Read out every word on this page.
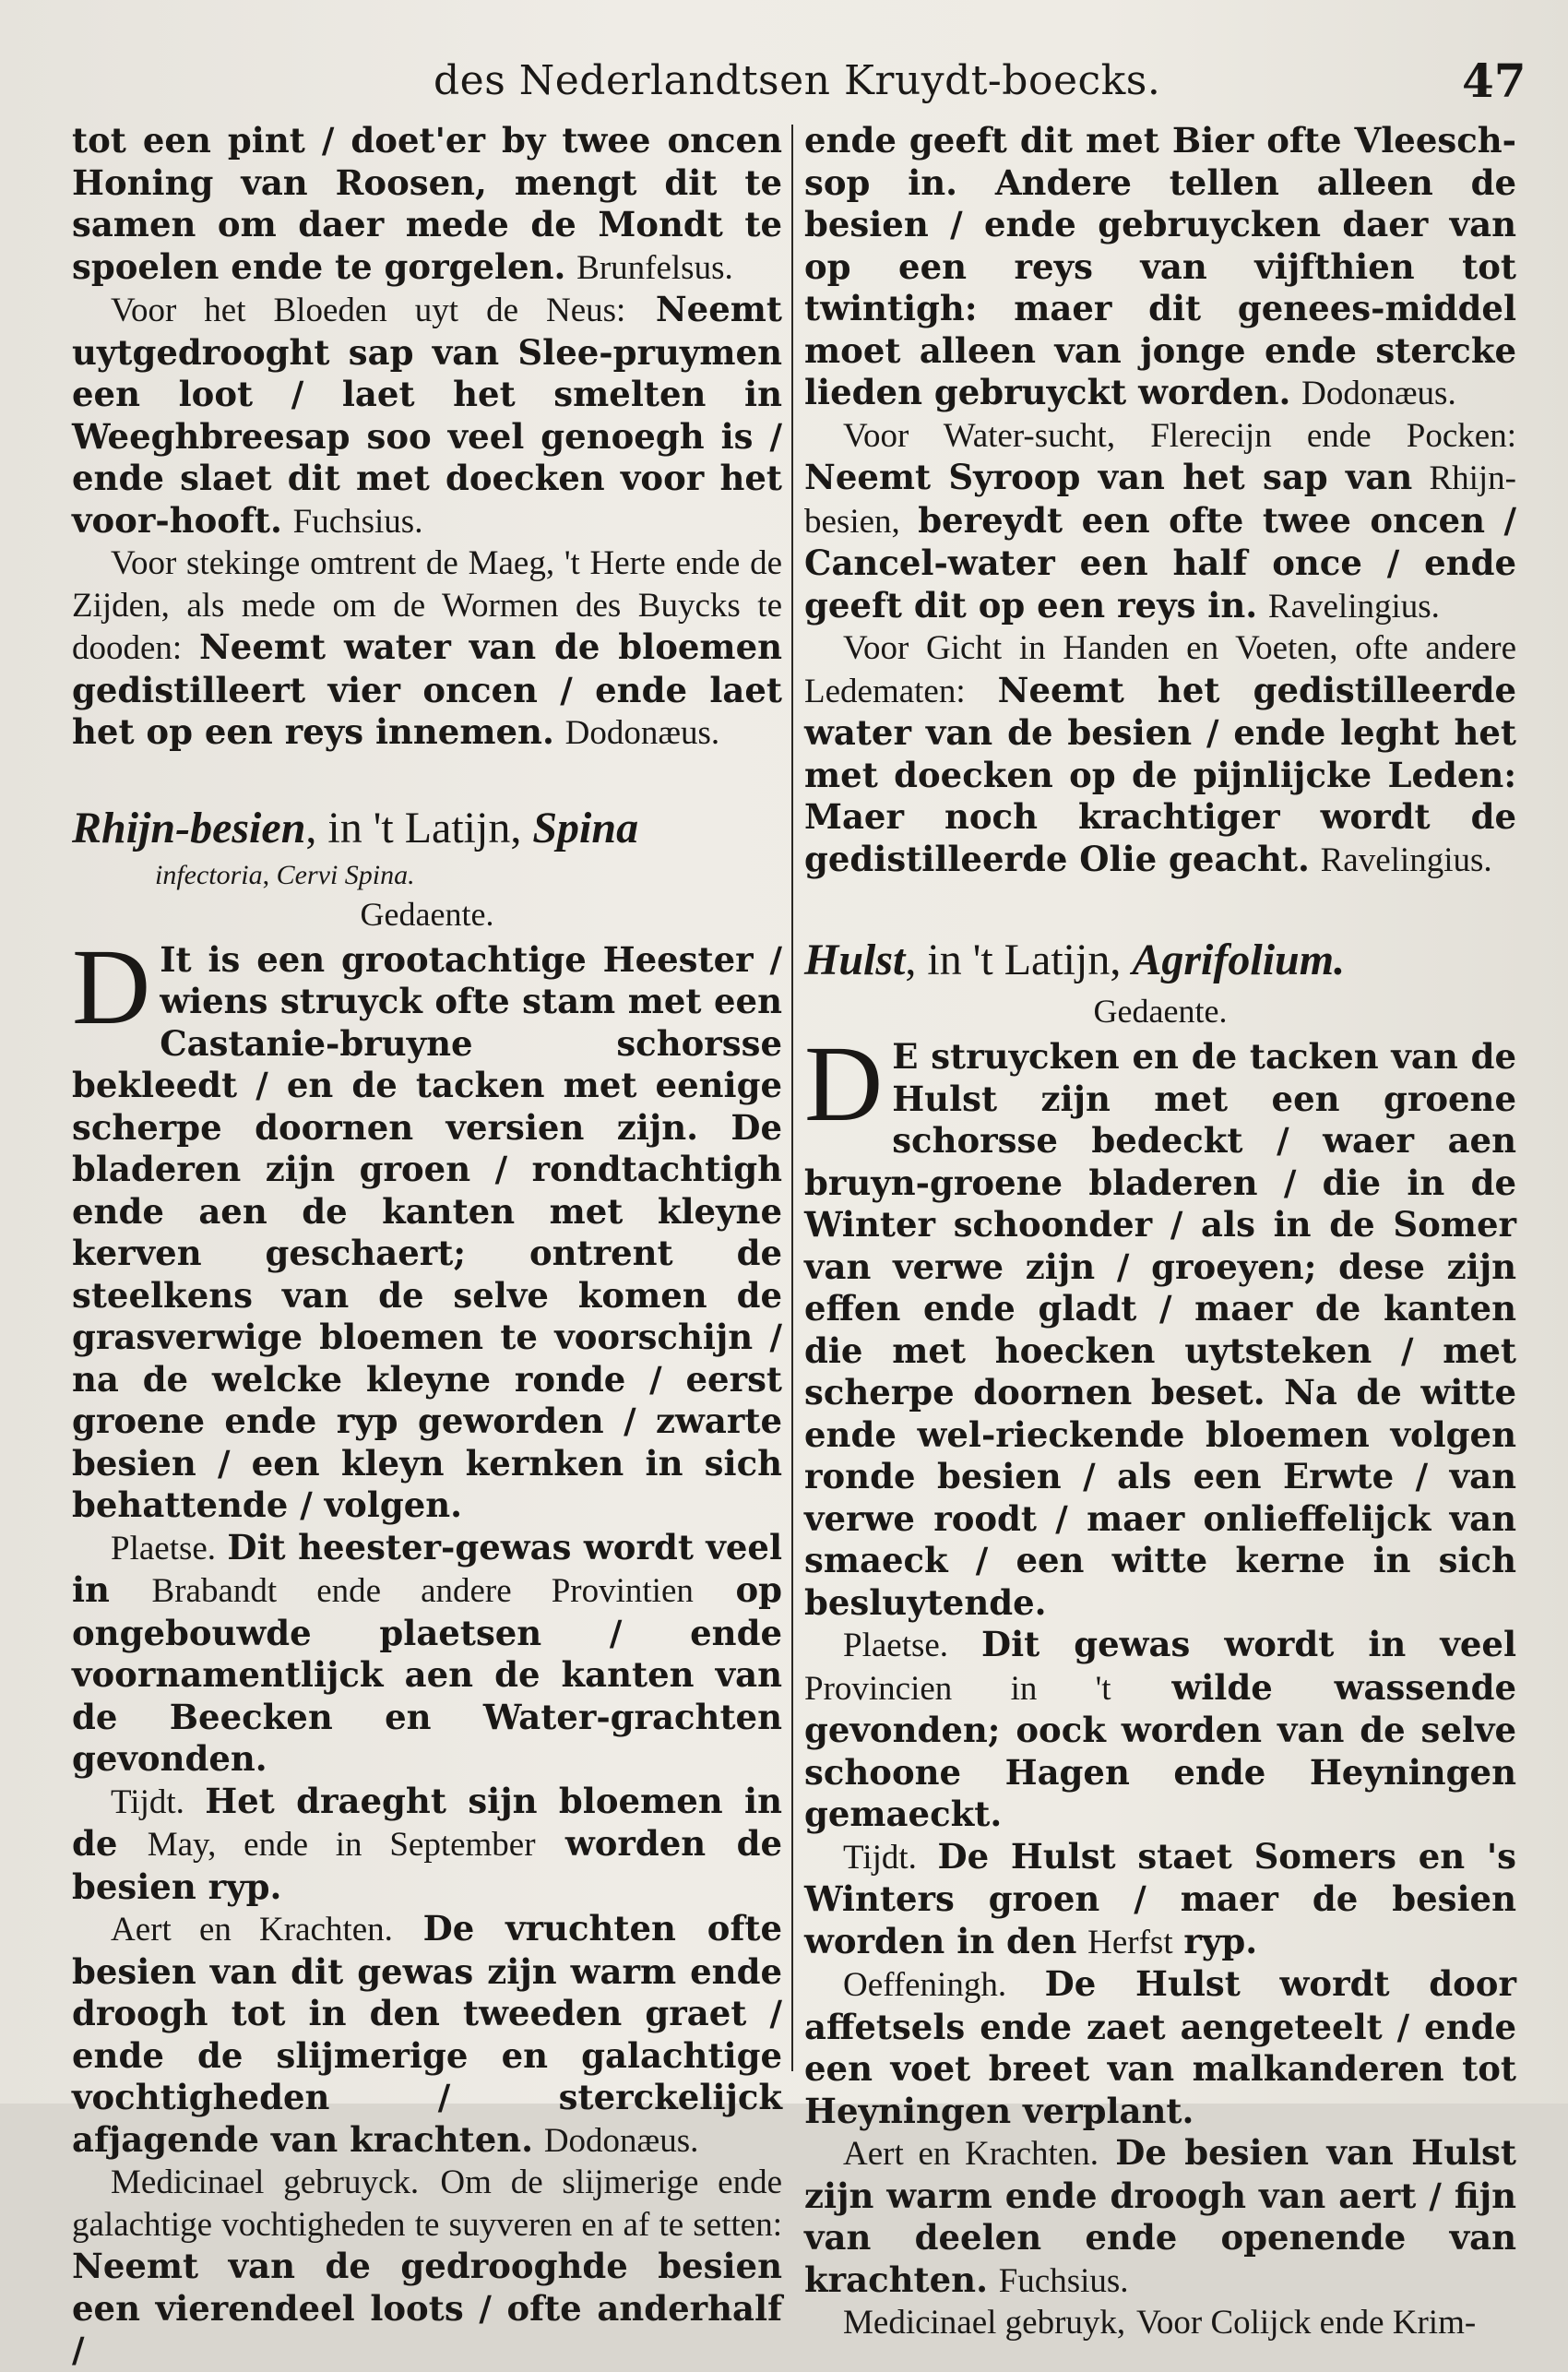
des Nederlandtsen Kruydt-boecks.	47

tot een pint / doet'er by twee oncen Honing van Roosen, mengt dit te samen om daer mede de Mondt te spoelen ende te gorgelen. Brunfelsus.

Voor het Bloeden uyt de Neus: Neemt uytgedrooght sap van Slee-pruymen een loot / laet het smelten in Weeghbreesap soo veel genoegh is / ende slaet dit met doecken voor het voor-hooft. Fuchsius.

Voor stekinge omtrent de Maeg, 't Herte ende de Zijden, als mede om de Wormen des Buycks te dooden: Neemt water van de bloemen gedistilleert vier oncen / ende laet het op een reys innemen. Dodonæus.

Rhijn-besien, in 't Latijn, Spina
infectoria, Cervi Spina.
Gedaente.

D It is een grootachtige Heester / wiens struyck ofte stam met een Castanie-bruyne schorsse bekleedt / en de tacken met eenige scherpe doornen versien zijn. De bladeren zijn groen / rondtachtigh ende aen de kanten met kleyne kerven geschaert; ontrent de steelkens van de selve komen de grasverwige bloemen te voorschijn / na de welcke kleyne ronde / eerst groene ende ryp geworden / zwarte besien / een kleyn kernken in sich behattende / volgen.

Plaetse. Dit heester-gewas wordt veel in Brabandt ende andere Provintien op ongebouwde plaetsen / ende voornamentlijck aen de kanten van de Beecken en Water-grachten gevonden.

Tijdt. Het draeght sijn bloemen in de May, ende in September worden de besien ryp.

Aert en Krachten. De vruchten ofte besien van dit gewas zijn warm ende droogh tot in den tweeden graet / ende de slijmerige en galachtige vochtigheden / sterckelijck afjagende van krachten. Dodonæus.

Medicinael gebruyck. Om de slijmerige ende galachtige vochtigheden te suyveren en af te setten: Neemt van de gedrooghde besien een vierendeel loots / ofte anderhalf /

ende geeft dit met Bier ofte Vleesch-sop in. Andere tellen alleen de besien / ende gebruycken daer van op een reys van vijfthien tot twintigh: maer dit genees-middel moet alleen van jonge ende stercke lieden gebruyckt worden. Dodonæus.

Voor Water-sucht, Flerecijn ende Pocken: Neemt Syroop van het sap van Rhijn-besien, bereydt een ofte twee oncen / Cancel-water een half once / ende geeft dit op een reys in. Ravelingius.

Voor Gicht in Handen en Voeten, ofte andere Ledematen: Neemt het gedistilleerde water van de besien / ende leght het met doecken op de pijnlijcke Leden: Maer noch krachtiger wordt de gedistilleerde Olie geacht. Ravelingius.

Hulst, in 't Latijn, Agrifolium.
Gedaente.

D E struycken en de tacken van de Hulst zijn met een groene schorsse bedeckt / waer aen bruyn-groene bladeren / die in de Winter schoonder / als in de Somer van verwe zijn / groeyen; dese zijn effen ende gladt / maer de kanten die met hoecken uytsteken / met scherpe doornen beset. Na de witte ende wel-rieckende bloemen volgen ronde besien / als een Erwte / van verwe roodt / maer onlieffelijck van smaeck / een witte kerne in sich besluytende.

Plaetse. Dit gewas wordt in veel Provincien in 't wilde wassende gevonden; oock worden van de selve schoone Hagen ende Heyningen gemaeckt.

Tijdt. De Hulst staet Somers en 's Winters groen / maer de besien worden in den Herfst ryp.

Oeffeningh. De Hulst wordt door affetsels ende zaet aengeteelt / ende een voet breet van malkanderen tot Heyningen verplant.

Aert en Krachten. De besien van Hulst zijn warm ende droogh van aert / fijn van deelen ende openende van krachten. Fuchsius.

Medicinael gebruyk, Voor Colijck ende Krim-
